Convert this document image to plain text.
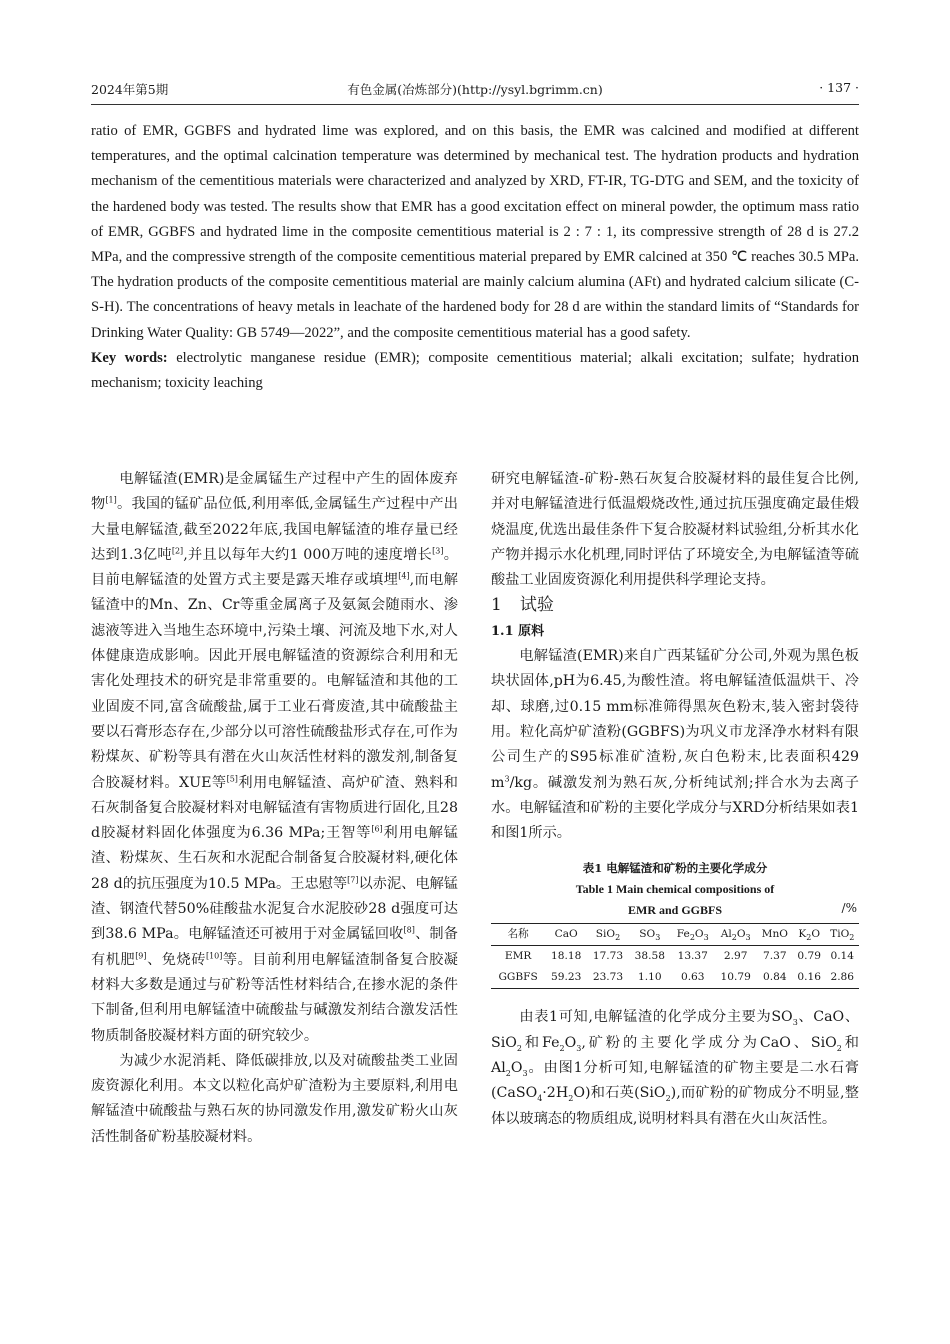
2024年第5期	有色金属(冶炼部分)(http://ysyl.bgrimm.cn)	· 137 ·

ratio of EMR, GGBFS and hydrated lime was explored, and on this basis, the EMR was calcined and modified at different temperatures, and the optimal calcination temperature was determined by mechanical test. The hydration products and hydration mechanism of the cementitious materials were characterized and analyzed by XRD, FT-IR, TG-DTG and SEM, and the toxicity of the hardened body was tested. The results show that EMR has a good excitation effect on mineral powder, the optimum mass ratio of EMR, GGBFS and hydrated lime in the composite cementitious material is 2 : 7 : 1, its compressive strength of 28 d is 27.2 MPa, and the compressive strength of the composite cementitious material prepared by EMR calcined at 350 ℃ reaches 30.5 MPa. The hydration products of the composite cementitious material are mainly calcium alumina (AFt) and hydrated calcium silicate (C-S-H). The concentrations of heavy metals in leachate of the hardened body for 28 d are within the standard limits of “Standards for Drinking Water Quality: GB 5749—2022”, and the composite cementitious material has a good safety.

Key words: electrolytic manganese residue (EMR); composite cementitious material; alkali excitation; sulfate; hydration mechanism; toxicity leaching

电解锰渣(EMR)是金属锰生产过程中产生的固体废弃物[1]。我国的锰矿品位低,利用率低,金属锰生产过程中产出大量电解锰渣,截至2022年底,我国电解锰渣的堆存量已经达到1.3亿吨[2],并且以每年大约1 000万吨的速度增长[3]。目前电解锰渣的处置方式主要是露天堆存或填埋[4],而电解锰渣中的Mn、Zn、Cr等重金属离子及氨氮会随雨水、渗滤液等进入当地生态环境中,污染土壤、河流及地下水,对人体健康造成影响。因此开展电解锰渣的资源综合利用和无害化处理技术的研究是非常重要的。电解锰渣和其他的工业固废不同,富含硫酸盐,属于工业石膏废渣,其中硫酸盐主要以石膏形态存在,少部分以可溶性硫酸盐形式存在,可作为粉煤灰、矿粉等具有潜在火山灰活性材料的激发剂,制备复合胶凝材料。XUE等[5]利用电解锰渣、高炉矿渣、熟料和石灰制备复合胶凝材料对电解锰渣有害物质进行固化,且28 d胶凝材料固化体强度为6.36 MPa;王智等[6]利用电解锰渣、粉煤灰、生石灰和水泥配合制备复合胶凝材料,硬化体28 d的抗压强度为10.5 MPa。王忠慰等[7]以赤泥、电解锰渣、钢渣代替50%硅酸盐水泥复合水泥胶砂28 d强度可达到38.6 MPa。电解锰渣还可被用于对金属锰回收[8]、制备有机肥[9]、免烧砖[10]等。目前利用电解锰渣制备复合胶凝材料大多数是通过与矿粉等活性材料结合,在掺水泥的条件下制备,但利用电解锰渣中硫酸盐与碱激发剂结合激发活性物质制备胶凝材料方面的研究较少。

为减少水泥消耗、降低碳排放,以及对硫酸盐类工业固废资源化利用。本文以粒化高炉矿渣粉为主要原料,利用电解锰渣中硫酸盐与熟石灰的协同激发作用,激发矿粉火山灰活性制备矿粉基胶凝材料。

研究电解锰渣-矿粉-熟石灰复合胶凝材料的最佳复合比例,并对电解锰渣进行低温煅烧改性,通过抗压强度确定最佳煅烧温度,优选出最佳条件下复合胶凝材料试验组,分析其水化产物并揭示水化机理,同时评估了环境安全,为电解锰渣等硫酸盐工业固废资源化利用提供科学理论支持。

1 试验

1.1 原料

电解锰渣(EMR)来自广西某锰矿分公司,外观为黑色板块状固体,pH为6.45,为酸性渣。将电解锰渣低温烘干、冷却、球磨,过0.15 mm标准筛得黑灰色粉末,装入密封袋待用。粒化高炉矿渣粉(GGBFS)为巩义市龙泽净水材料有限公司生产的S95标准矿渣粉,灰白色粉末,比表面积429 $m^3/kg$。碱激发剂为熟石灰,分析纯试剂;拌合水为去离子水。电解锰渣和矿粉的主要化学成分与XRD分析结果如表1和图1所示。

表1 电解锰渣和矿粉的主要化学成分

Table 1 Main chemical compositions of

EMR and GGBFS	/%
名称	CaO	SiO$_2$	$SO_3$	$Fe_2O_3$	$Al_2O_3$	MnO	$K_2O$	TiO$_2$
EMR	18.18	17.73	38.58	13.37	2.97	7.37	0.79	0.14
GGBFS	59.23	23.73	1.10	0.63	10.79	0.84	0.16	2.86

由表1可知,电解锰渣的化学成分主要为$SO_3$、CaO、SiO$_2$和$Fe_2O_3$,矿粉的主要化学成分为CaO、SiO$_2$和$Al_2O_3$。由图1分析可知,电解锰渣的矿物主要是二水石膏$(CaSO_4\cdot 2H_2O)$和石英(SiO$_2$),而矿粉的矿物成分不明显,整体以玻璃态的物质组成,说明材料具有潜在火山灰活性。
